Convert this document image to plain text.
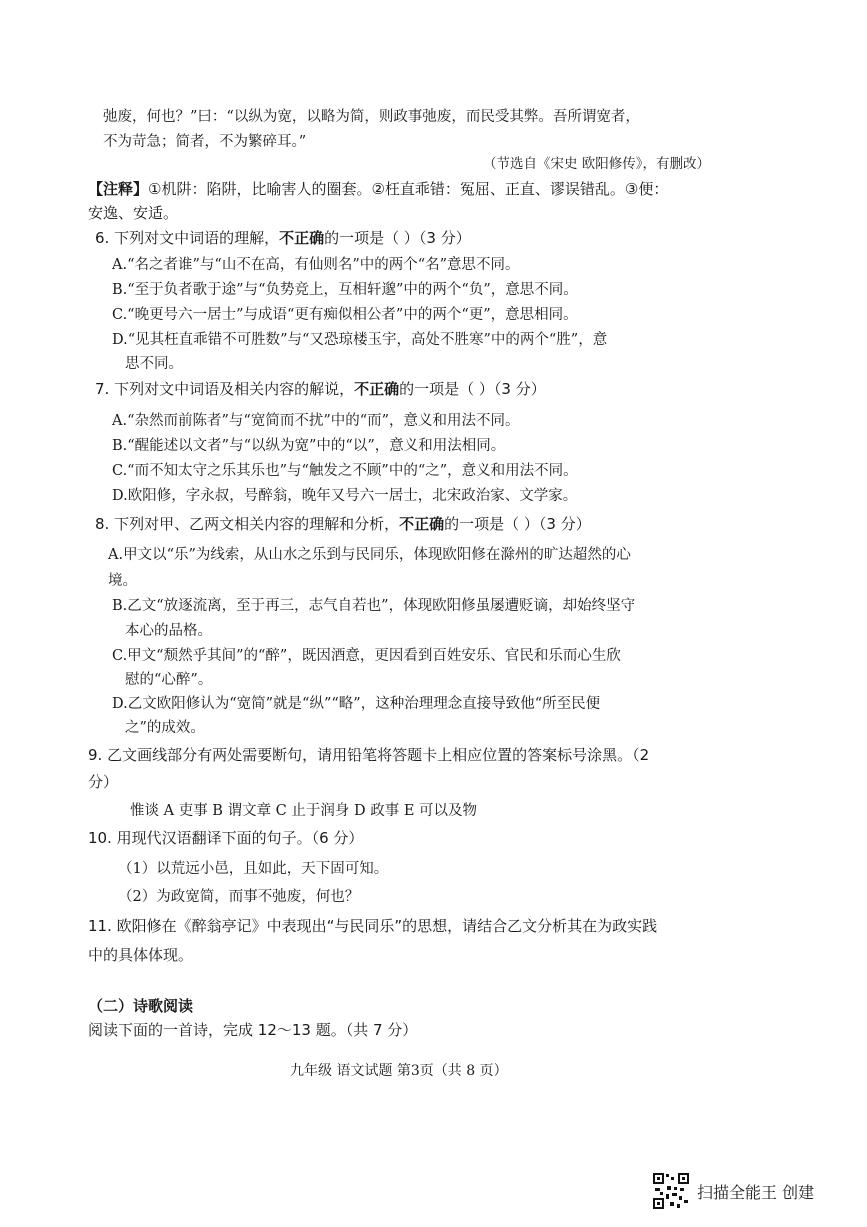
弛废，何也？”曰：“以纵为宽，以略为简，则政事弛废，而民受其弊。吾所谓宽者，
不为苛急；简者，不为繁碎耳。”
（节选自《宋史 欧阳修传》，有删改）
【注释】①机阱：陷阱，比喻害人的圈套。②枉直乖错：冤屈、正直、谬误错乱。③便：
安逸、安适。
6. 下列对文中词语的理解，不正确的一项是（ ）（3 分）
A.“名之者谁”与“山不在高，有仙则名”中的两个“名”意思不同。
B.“至于负者歌于途”与“负势竞上，互相轩邈”中的两个“负”，意思不同。
C.“晚更号六一居士”与成语“更有痴似相公者”中的两个“更”，意思相同。
D.“见其枉直乖错不可胜数”与“又恐琼楼玉宇，高处不胜寒”中的两个“胜”，意
思不同。
7. 下列对文中词语及相关内容的解说，不正确的一项是（ ）（3 分）
A.“杂然而前陈者”与“宽简而不扰”中的“而”，意义和用法不同。
B.“醒能述以文者”与“以纵为宽”中的“以”，意义和用法相同。
C.“而不知太守之乐其乐也”与“触发之不顾”中的“之”，意义和用法不同。
D.欧阳修，字永叔，号醉翁，晚年又号六一居士，北宋政治家、文学家。
8. 下列对甲、乙两文相关内容的理解和分析，不正确的一项是（ ）（3 分）
A.甲文以“乐”为线索，从山水之乐到与民同乐，体现欧阳修在滁州的旷达超然的心
境。
B.乙文“放逐流离，至于再三，志气自若也”，体现欧阳修虽屡遭贬谪，却始终坚守
本心的品格。
C.甲文“颓然乎其间”的“醉”，既因酒意，更因看到百姓安乐、官民和乐而心生欣
慰的“心醉”。
D.乙文欧阳修认为“宽简”就是“纵”“略”，这种治理理念直接导致他“所至民便
之”的成效。
9. 乙文画线部分有两处需要断句，请用铅笔将答题卡上相应位置的答案标号涂黑。（2
分）
惟谈 A 吏事 B 谓文章 C 止于润身 D 政事 E 可以及物
10. 用现代汉语翻译下面的句子。（6 分）
（1）以荒远小邑，且如此，天下固可知。
（2）为政宽简，而事不弛废，何也？
11. 欧阳修在《醉翁亭记》中表现出“与民同乐”的思想，请结合乙文分析其在为政实践
中的具体体现。
（二）诗歌阅读
阅读下面的一首诗，完成 12～13 题。（共 7 分）
九年级 语文试题 第3页（共 8 页）
扫描全能王 创建
